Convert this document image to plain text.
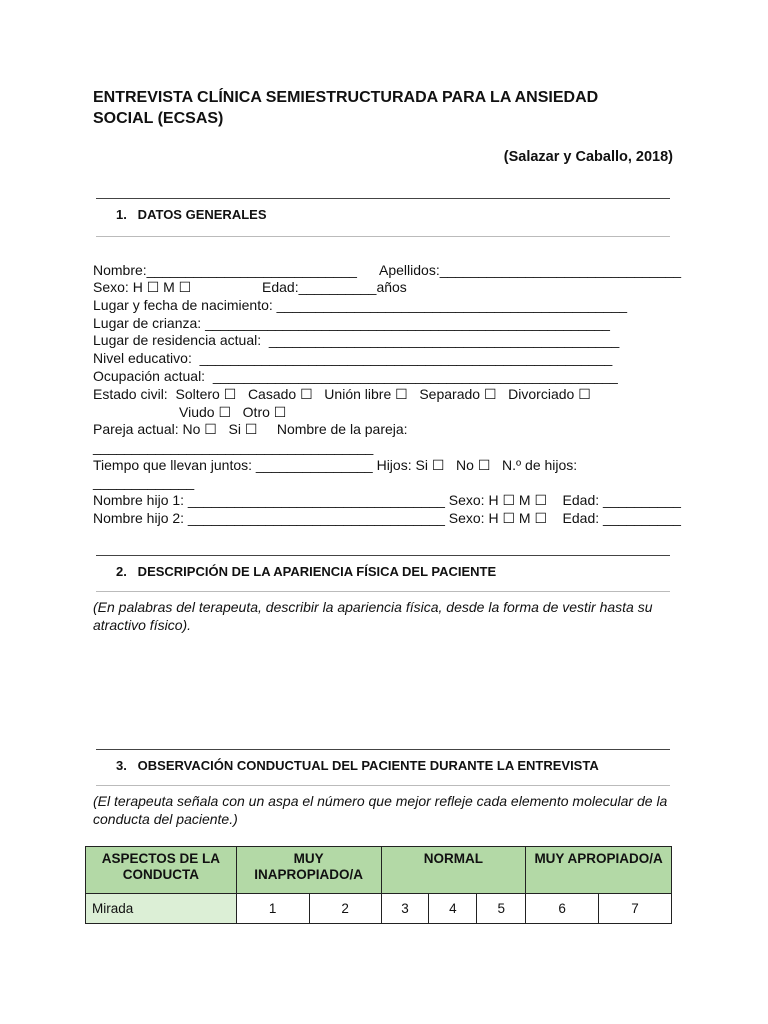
ENTREVISTA CLÍNICA SEMIESTRUCTURADA PARA LA ANSIEDAD
SOCIAL (ECSAS)
(Salazar y Caballo, 2018)
1.   DATOS GENERALES
Nombre:___________________________ Apellidos:_______________________________
Sexo: H ☐ M ☐	Edad:__________años
Lugar y fecha de nacimiento: _____________________________________________
Lugar de crianza: ____________________________________________________
Lugar de residencia actual:  _____________________________________________
Nivel educativo:  _____________________________________________________
Ocupación actual:  ____________________________________________________
Estado civil:  Soltero ☐   Casado ☐   Unión libre ☐   Separado ☐   Divorciado ☐
Viudo ☐   Otro ☐
Pareja actual: No ☐   Si ☐     Nombre de la pareja:
____________________________________
Tiempo que llevan juntos: _______________ Hijos: Si ☐   No ☐   N.º de hijos:
_____________
Nombre hijo 1: _________________________________ Sexo: H ☐ M ☐    Edad: __________
Nombre hijo 2: _________________________________ Sexo: H ☐ M ☐    Edad: __________
2.   DESCRIPCIÓN DE LA APARIENCIA FÍSICA DEL PACIENTE
(En palabras del terapeuta, describir la apariencia física, desde la forma de vestir hasta su atractivo físico).
3.   OBSERVACIÓN CONDUCTUAL DEL PACIENTE DURANTE LA ENTREVISTA
(El terapeuta señala con un aspa el número que mejor refleje cada elemento molecular de la conducta del paciente.)
ASPECTOS DE LA CONDUCTA	MUY INAPROPIADO/A		NORMAL			MUY APROPIADO/A	
Mirada	1	2	3	4	5	6	7
